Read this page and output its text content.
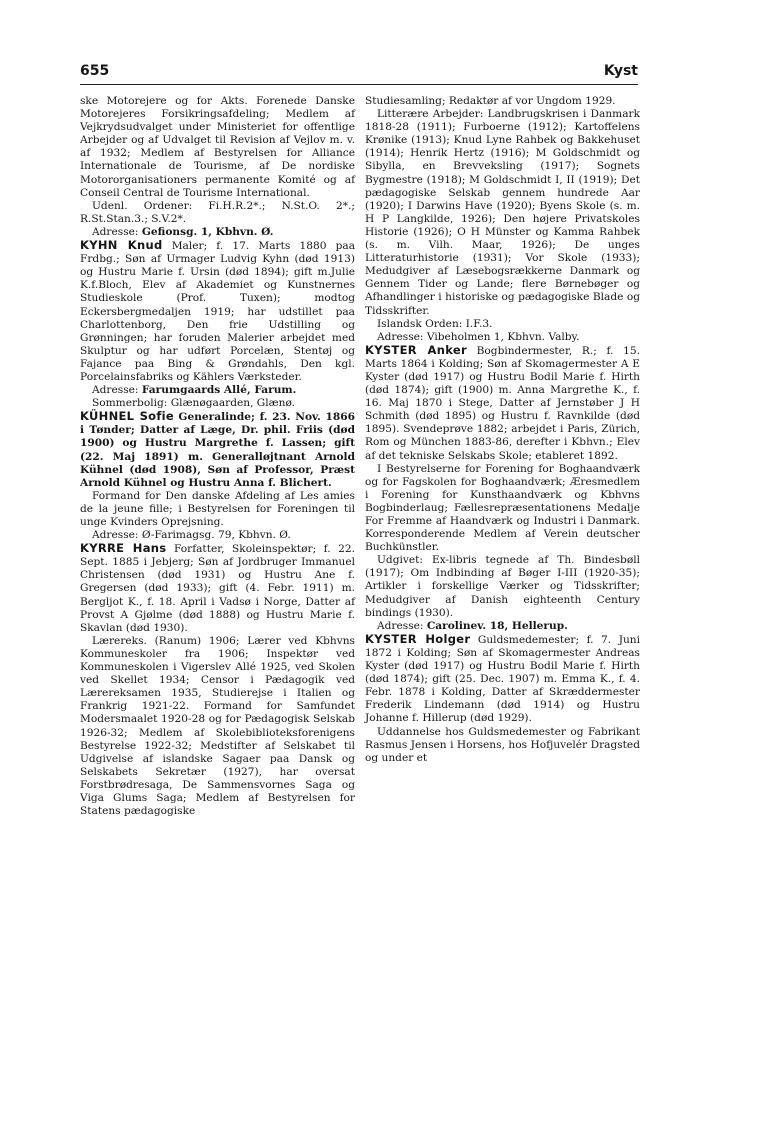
655	Kyst

ske Motorejere og for Akts. Forenede Danske Motorejeres Forsikringsafdeling; Medlem af Vejkrydsudvalget under Ministeriet for offentlige Arbejder og af Udvalget til Revision af Vejlov m. v. af 1932; Medlem af Bestyrelsen for Alliance Internationale de Tourisme, af De nordiske Motororganisationers permanente Komité og af Conseil Central de Tourisme International.

Udenl. Ordener: Fi.H.R.2*.; N.St.O. 2*.; R.St.Stan.3.; S.V.2*.

Adresse: Gefionsg. 1, Kbhvn. Ø.

KYHN Knud Maler; f. 17. Marts 1880 paa Frdbg.; Søn af Urmager Ludvig Kyhn (død 1913) og Hustru Marie f. Ursin (død 1894); gift m.Julie K.f.Bloch, Elev af Akademiet og Kunstnernes Studieskole (Prof. Tuxen); modtog Eckersbergmedaljen 1919; har udstillet paa Charlottenborg, Den frie Udstilling og Grønningen; har foruden Malerier arbejdet med Skulptur og har udført Porcelæn, Stentøj og Fajance paa Bing & Grøndahls, Den kgl. Porcelainsfabriks og Kählers Værksteder.

Adresse: Farumgaards Allé, Farum.

Sommerbolig: Glænøgaarden, Glænø.

KÜHNEL Sofie Generalinde; f. 23. Nov. 1866 i Tønder; Datter af Læge, Dr. phil. Friis (død 1900) og Hustru Margrethe f. Lassen; gift (22. Maj 1891) m. Generalløjtnant Arnold Kühnel (død 1908), Søn af Professor, Præst Arnold Kühnel og Hustru Anna f. Blichert.

Formand for Den danske Afdeling af Les amies de la jeune fille; i Bestyrelsen for Foreningen til unge Kvinders Oprejsning.

Adresse: Ø-Farimagsg. 79, Kbhvn. Ø.

KYRRE Hans Forfatter, Skoleinspektør; f. 22. Sept. 1885 i Jebjerg; Søn af Jordbruger Immanuel Christensen (død 1931) og Hustru Ane f. Gregersen (død 1933); gift (4. Febr. 1911) m. Bergljot K., f. 18. April i Vadsø i Norge, Datter af Provst A Gjølme (død 1888) og Hustru Marie f. Skavlan (død 1930).

Lærereks. (Ranum) 1906; Lærer ved Kbhvns Kommuneskoler fra 1906; Inspektør ved Kommuneskolen i Vigerslev Allé 1925, ved Skolen ved Skellet 1934; Censor i Pædagogik ved Lærereksamen 1935, Studierejse i Italien og Frankrig 1921-22. Formand for Samfundet Modersmaalet 1920-28 og for Pædagogisk Selskab 1926-32; Medlem af Skolebiblioteksforenigens Bestyrelse 1922-32; Medstifter af Selskabet til Udgivelse af islandske Sagaer paa Dansk og Selskabets Sekretær (1927), har oversat Forstbrødresaga, De Sammensvornes Saga og Viga Glums Saga; Medlem af Bestyrelsen for Statens pædagogiske

Studiesamling; Redaktør af vor Ungdom 1929.

Litterære Arbejder: Landbrugskrisen i Danmark 1818-28 (1911); Furboerne (1912); Kartoffelens Krønike (1913); Knud Lyne Rahbek og Bakkehuset (1914); Henrik Hertz (1916); M Goldschmidt og Sibylla, en Brevveksling (1917); Sognets Bygmestre (1918); M Goldschmidt I, II (1919); Det pædagogiske Selskab gennem hundrede Aar (1920); I Darwins Have (1920); Byens Skole (s. m. H P Langkilde, 1926); Den højere Privatskoles Historie (1926); O H Münster og Kamma Rahbek (s. m. Vilh. Maar, 1926); De unges Litteraturhistorie (1931); Vor Skole (1933); Medudgiver af Læsebogsrækkerne Danmark og Gennem Tider og Lande; flere Børnebøger og Afhandlinger i historiske og pædagogiske Blade og Tidsskrifter.

Islandsk Orden: I.F.3.

Adresse: Vibeholmen 1, Kbhvn. Valby.

KYSTER Anker Bogbindermester, R.; f. 15. Marts 1864 i Kolding; Søn af Skomagermester A E Kyster (død 1917) og Hustru Bodil Marie f. Hirth (død 1874); gift (1900) m. Anna Margrethe K., f. 16. Maj 1870 i Stege, Datter af Jernstøber J H Schmith (død 1895) og Hustru f. Ravnkilde (død 1895). Svendeprøve 1882; arbejdet i Paris, Zürich, Rom og München 1883-86, derefter i Kbhvn.; Elev af det tekniske Selskabs Skole; etableret 1892.

I Bestyrelserne for Forening for Boghaandværk og for Fagskolen for Boghaandværk; Æresmedlem i Forening for Kunsthaandværk og Kbhvns Bogbinderlaug; Fællesrepræsentationens Medalje For Fremme af Haandværk og Industri i Danmark. Korresponderende Medlem af Verein deutscher Buchkünstler.

Udgivet: Ex-libris tegnede af Th. Bindesbøll (1917); Om Indbinding af Bøger I-III (1920-35); Artikler i forskellige Værker og Tidsskrifter; Medudgiver af Danish eighteenth Century bindings (1930).

Adresse: Carolinev. 18, Hellerup.

KYSTER Holger Guldsmedemester; f. 7. Juni 1872 i Kolding; Søn af Skomagermester Andreas Kyster (død 1917) og Hustru Bodil Marie f. Hirth (død 1874); gift (25. Dec. 1907) m. Emma K., f. 4. Febr. 1878 i Kolding, Datter af Skræddermester Frederik Lindemann (død 1914) og Hustru Johanne f. Hillerup (død 1929).

Uddannelse hos Guldsmedemester og Fabrikant Rasmus Jensen i Horsens, hos Hofjuvelér Dragsted og under et
